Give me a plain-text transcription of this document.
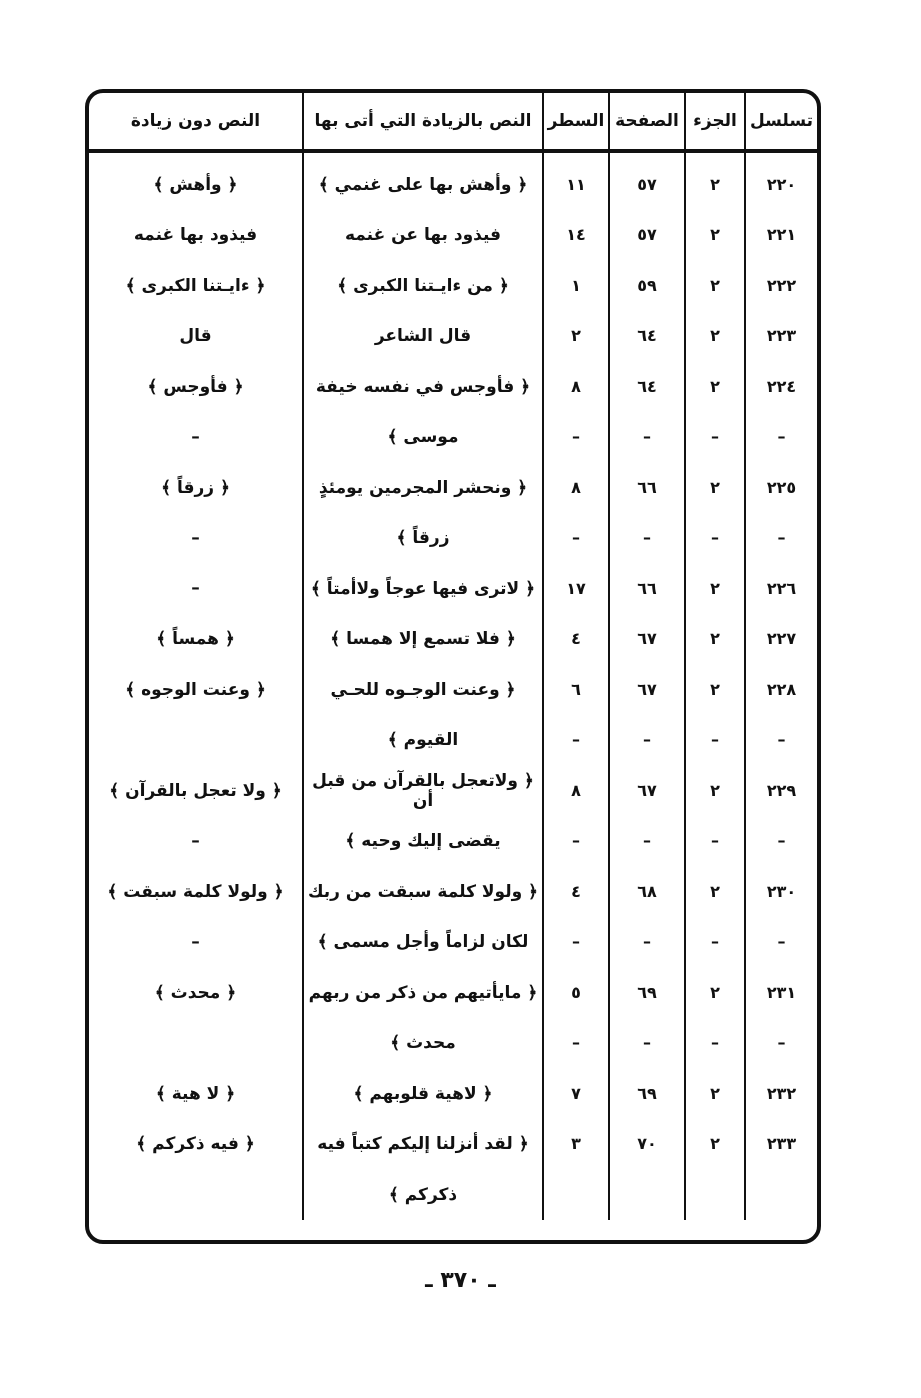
تسلسل	الجزء	الصفحة	السطر	النص بالزيادة التي أتى بها	النص دون زيادة
٢٢٠	٢	٥٧	١١	﴿ وأهش بها على غنمي ﴾	﴿ وأهش ﴾
٢٢١	٢	٥٧	١٤	فيذود بها عن غنمه	فيذود بها غنمه
٢٢٢	٢	٥٩	١	﴿ من ءايـتنا الكبرى ﴾	﴿ ءايـتنا الكبرى ﴾
٢٢٣	٢	٦٤	٢	قال الشاعر	قال
٢٢٤	٢	٦٤	٨	﴿ فأوجس في نفسه خيفة	﴿ فأوجس ﴾
–	–	–	–	موسى ﴾	–
٢٢٥	٢	٦٦	٨	﴿ ونحشر المجرمين يومئذٍ	﴿ زرقاً ﴾
–	–	–	–	زرقاً ﴾	–
٢٢٦	٢	٦٦	١٧	﴿ لاترى فيها عوجاً ولاأمتاً ﴾	–
٢٢٧	٢	٦٧	٤	﴿ فلا تسمع إلا همسا ﴾	﴿ همساً ﴾
٢٢٨	٢	٦٧	٦	﴿ وعنت الوجـوه للحـي	﴿ وعنت الوجوه ﴾
–	–	–	–	القيوم ﴾	
٢٢٩	٢	٦٧	٨	﴿ ولاتعجل بالقرآن من قبل أن	﴿ ولا تعجل بالقرآن ﴾
–	–	–	–	يقضى إليك وحيه ﴾	–
٢٣٠	٢	٦٨	٤	﴿ ولولا كلمة سبقت من ربك	﴿ ولولا كلمة سبقت ﴾
–	–	–	–	لكان لزاماً وأجل مسمى ﴾	–
٢٣١	٢	٦٩	٥	﴿ مايأتيهم من ذكر من ربهم	﴿ محدث ﴾
–	–	–	–	محدث ﴾	
٢٣٢	٢	٦٩	٧	﴿ لاهية قلوبهم ﴾	﴿ لا هية ﴾
٢٣٣	٢	٧٠	٣	﴿ لقد أنزلنا إليكم كتباً فيه	﴿ فيه ذكركم ﴾
				ذكركم ﴾	
ـ ٣٧٠ ـ
